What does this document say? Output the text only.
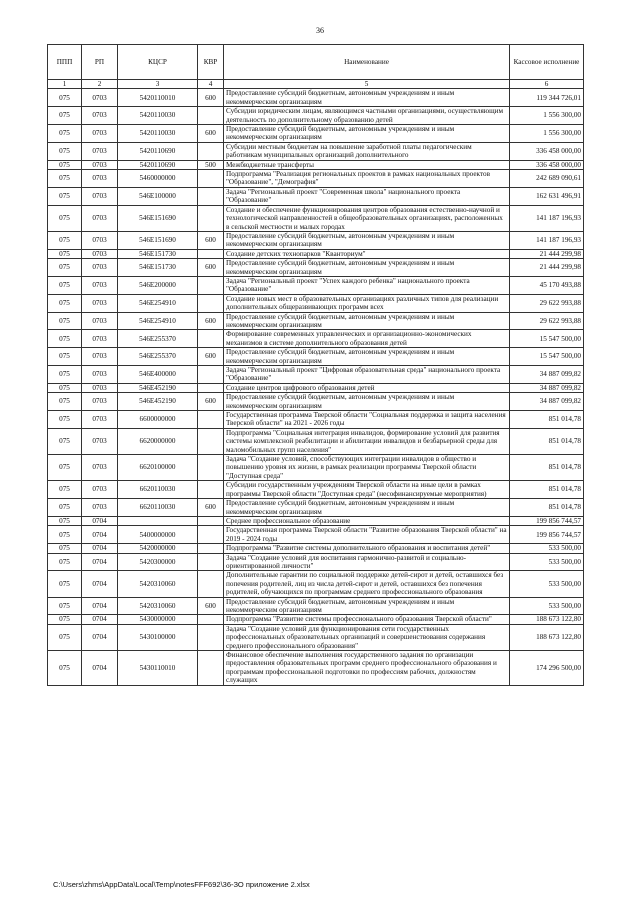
36
ППП	РП	КЦСР	КВР	Наименование	Кассовое исполнение
1	2	3	4	5	6
075	0703	5420110010	600	Предоставление субсидий бюджетным, автономным учреждениям и иным некоммерческим организациям	119 344 726,01
075	0703	5420110030		Субсидии юридическим лицам, являющимся частными организациями, осуществляющим деятельность по дополнительному образованию детей	1 556 300,00
075	0703	5420110030	600	Предоставление субсидий бюджетным, автономным учреждениям и иным некоммерческим организациям	1 556 300,00
075	0703	5420110690		Субсидии местным бюджетам на повышение заработной платы педагогическим работникам муниципальных организаций дополнительного	336 458 000,00
075	0703	5420110690	500	Межбюджетные трансферты	336 458 000,00
075	0703	5460000000		Подпрограмма "Реализация региональных проектов в рамках национальных проектов "Образование", "Демография"	242 689 090,61
075	0703	546E100000		Задача "Региональный проект "Современная школа" национального проекта "Образование"	162 631 496,91
075	0703	546E151690		Создание и обеспечение функционирования центров образования естественно-научной и технологической направленностей в общеобразовательных организациях, расположенных в сельской местности и малых городах	141 187 196,93
075	0703	546E151690	600	Предоставление субсидий бюджетным, автономным учреждениям и иным некоммерческим организациям	141 187 196,93
075	0703	546E151730		Создание детских технопарков "Кванториум"	21 444 299,98
075	0703	546E151730	600	Предоставление субсидий бюджетным, автономным учреждениям и иным некоммерческим организациям	21 444 299,98
075	0703	546E200000		Задача "Региональный проект "Успех каждого ребенка" национального проекта "Образование"	45 170 493,88
075	0703	546E254910		Создание новых мест в образовательных организациях различных типов для реализации дополнительных общеразвивающих программ всех	29 622 993,88
075	0703	546E254910	600	Предоставление субсидий бюджетным, автономным учреждениям и иным некоммерческим организациям	29 622 993,88
075	0703	546E255370		Формирование современных управленческих и организационно-экономических механизмов в системе дополнительного образования детей	15 547 500,00
075	0703	546E255370	600	Предоставление субсидий бюджетным, автономным учреждениям и иным некоммерческим организациям	15 547 500,00
075	0703	546E400000		Задача "Региональный проект "Цифровая образовательная среда" национального проекта "Образование"	34 887 099,82
075	0703	546E452190		Создание центров цифрового образования детей	34 887 099,82
075	0703	546E452190	600	Предоставление субсидий бюджетным, автономным учреждениям и иным некоммерческим организациям	34 887 099,82
075	0703	6600000000		Государственная программа Тверской области "Социальная поддержка и защита населения Тверской области" на 2021 - 2026 годы	851 014,78
075	0703	6620000000		Подпрограмма "Социальная интеграция инвалидов, формирование условий для развития системы комплексной реабилитации и абилитации инвалидов и безбарьерной среды для маломобильных групп населения"	851 014,78
075	0703	6620100000		Задача "Создание условий, способствующих интеграции инвалидов в общество и повышению уровня их жизни, в рамках реализации программы Тверской области "Доступная среда"	851 014,78
075	0703	6620110030		Субсидии государственным учреждениям Тверской области на иные цели в рамках программы Тверской области "Доступная среда" (несофинансируемые мероприятия)	851 014,78
075	0703	6620110030	600	Предоставление субсидий бюджетным, автономным учреждениям и иным некоммерческим организациям	851 014,78
075	0704			Среднее профессиональное образование	199 856 744,57
075	0704	5400000000		Государственная программа Тверской области "Развитие образования Тверской области" на 2019 - 2024 годы	199 856 744,57
075	0704	5420000000		Подпрограмма "Развитие системы дополнительного образования и воспитания детей"	533 500,00
075	0704	5420300000		Задача "Создание условий для воспитания гармонично-развитой и социально-ориентированной личности"	533 500,00
075	0704	5420310060		Дополнительные гарантии по социальной поддержке детей-сирот и детей, оставшихся без попечения родителей, лиц из числа детей-сирот и детей, оставшихся без попечения родителей, обучающихся по программам среднего профессионального образования	533 500,00
075	0704	5420310060	600	Предоставление субсидий бюджетным, автономным учреждениям и иным некоммерческим организациям	533 500,00
075	0704	5430000000		Подпрограмма "Развитие системы профессионального образования Тверской области"	188 673 122,80
075	0704	5430100000		Задача "Создание условий для функционирования сети государственных профессиональных образовательных организаций и совершенствования содержания среднего профессионального образования"	188 673 122,80
075	0704	5430110010		Финансовое обеспечение выполнения государственного задания по организации предоставления образовательных программ среднего профессионального образования и программам профессиональной подготовки по профессиям рабочих, должностям служащих	174 296 500,00
C:\Users\zhms\AppData\Local\Temp\notesFFF692\36-ЗО приложение 2.xlsx
